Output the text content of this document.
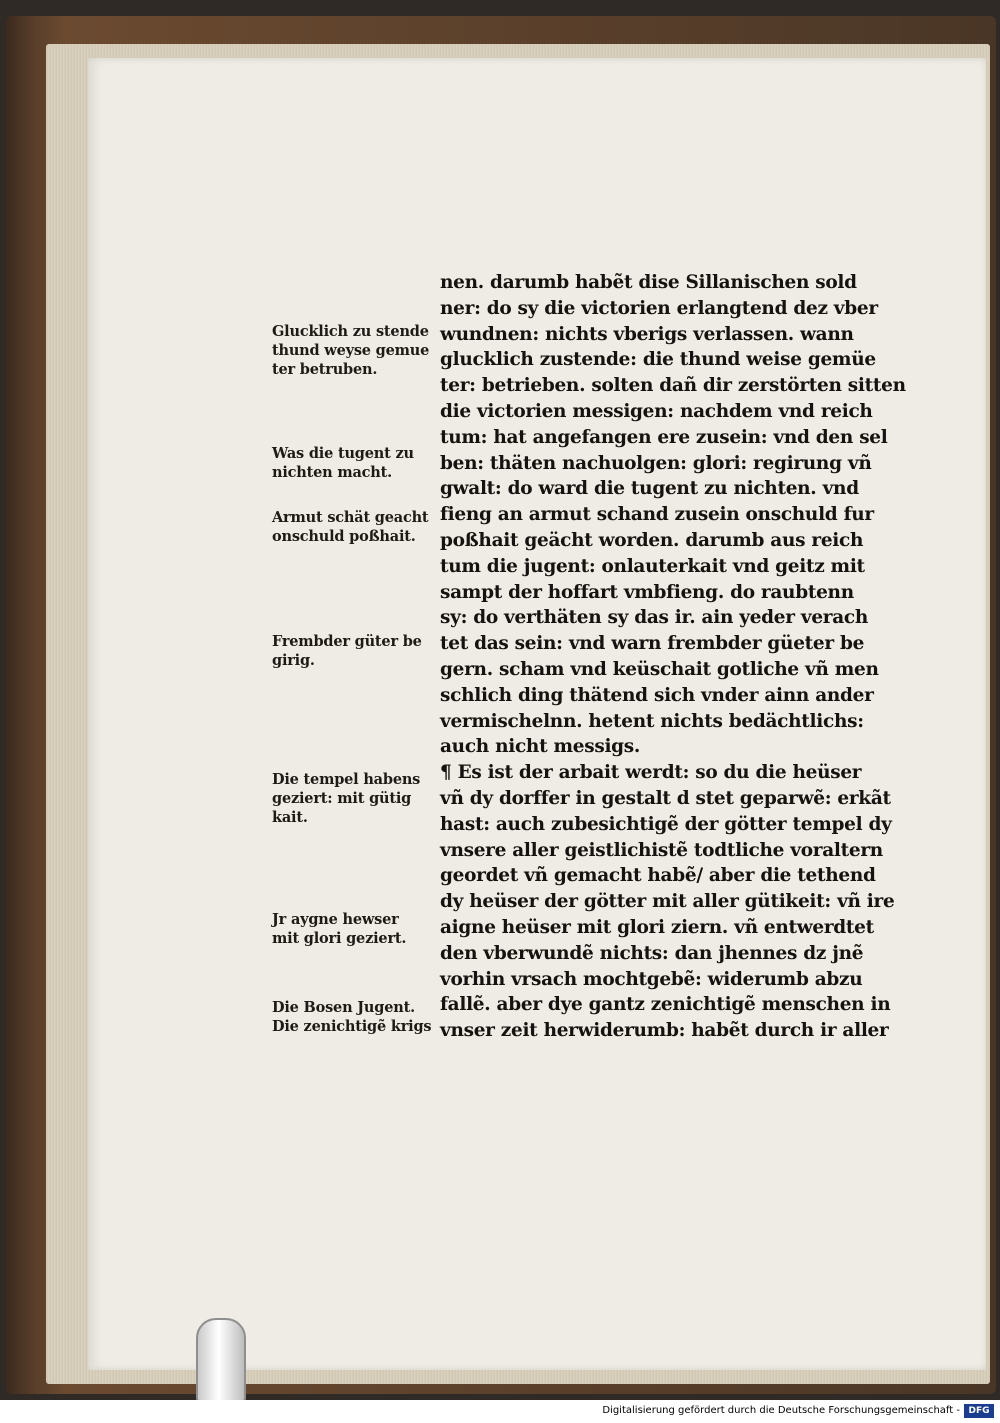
Glucklich zu stende
thund weyse gemue
ter betruben.
Was die tugent zu
nichten macht.
Armut schät geacht
onschuld poßhait.
Frembder güter be
girig.
Die tempel habens
geziert: mit gütig
kait.
Jr aygne hewser
mit glori geziert.
Die Bosen Jugent.
Die zenichtigẽ krigs
nen. darumb habẽt dise Sillanischen sold
ner: do sy die victorien erlangtend dez vber
wundnen: nichts vberigs verlassen. wann
glucklich zustende: die thund weise gemüe
ter: betrieben. solten dañ dir zerstörten sitten
die victorien messigen: nachdem vnd reich
tum: hat angefangen ere zusein: vnd den sel
ben: thäten nachuolgen: glori: regirung vñ
gwalt: do ward die tugent zu nichten. vnd
fieng an armut schand zusein onschuld fur
poßhait geächt worden. darumb aus reich
tum die jugent: onlauterkait vnd geitz mit
sampt der hoffart vmbfieng. do raubtenn
sy: do verthäten sy das ir. ain yeder verach
tet das sein: vnd warn frembder güeter be
gern. scham vnd keüschait gotliche vñ men
schlich ding thätend sich vnder ainn ander
vermischelnn. hetent nichts bedächtlichs:
auch nicht messigs.
¶ Es ist der arbait werdt: so du die heüser
vñ dy dorffer in gestalt d stet geparwẽ: erkãt
hast: auch zubesichtigẽ der götter tempel dy
vnsere aller geistlichistẽ todtliche voraltern
geordet vñ gemacht habẽ/ aber die tethend
dy heüser der götter mit aller gütikeit: vñ ire
aigne heüser mit glori ziern. vñ entwerdtet
den vberwundẽ nichts: dan jhennes dz jnẽ
vorhin vrsach mochtgebẽ: widerumb abzu
fallẽ. aber dye gantz zenichtigẽ menschen in
vnser zeit herwiderumb: habẽt durch ir aller
Digitalisierung gefördert durch die Deutsche Forschungsgemeinschaft - DFG
